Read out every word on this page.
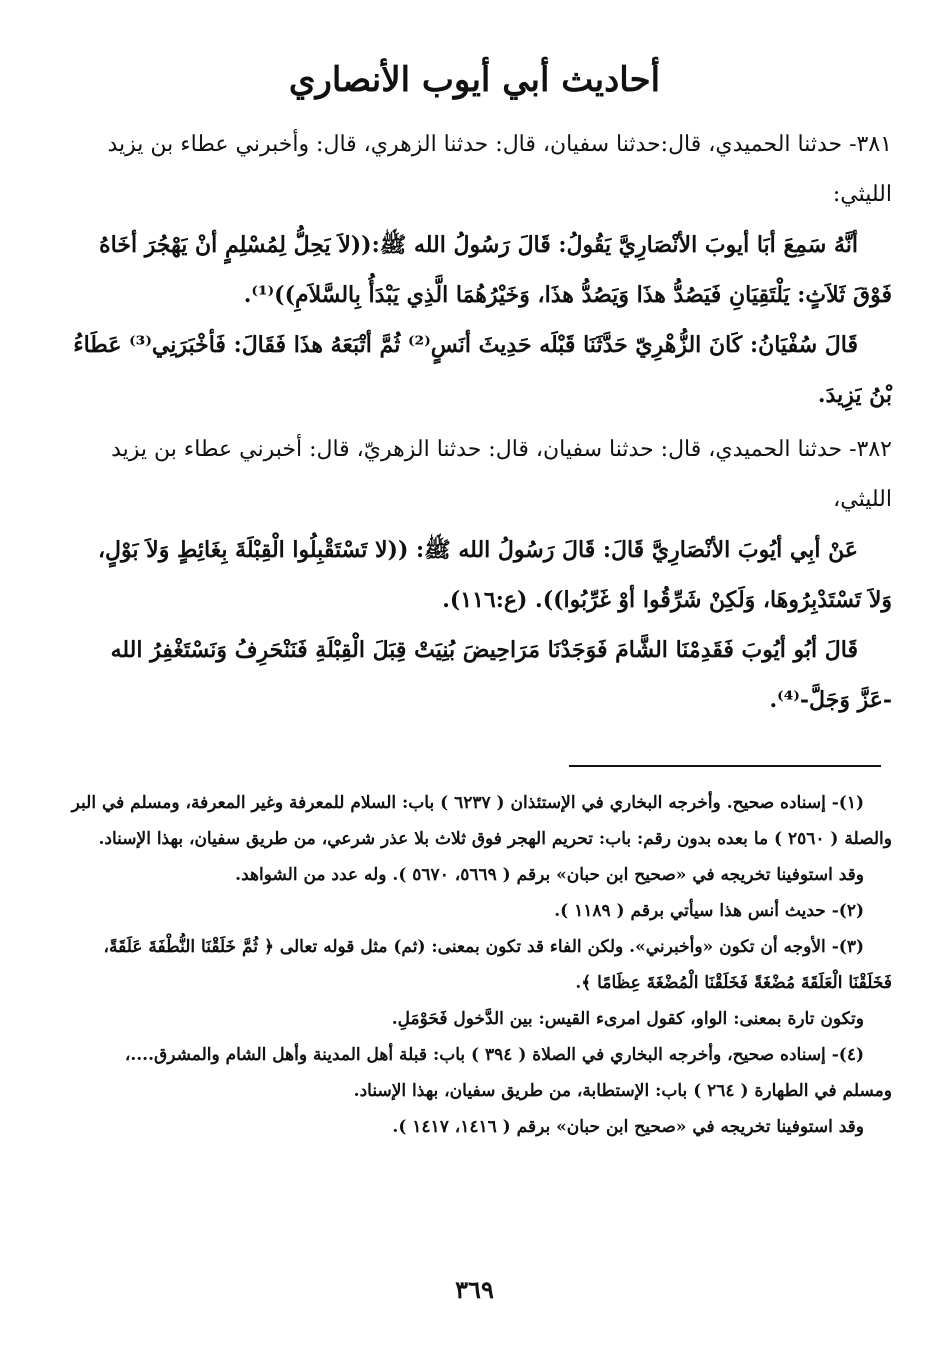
أحاديث أبي أيوب الأنصاري

٣٨١- حدثنا الحميدي، قال:حدثنا سفيان، قال: حدثنا الزهري، قال: وأخبرني عطاء بن يزيد الليثي:

أنَّهُ سَمِعَ أبَا أيوبَ الأنْصَارِيَّ يَقُولُ: قَالَ رَسُولُ الله ﷺ:((لاَ يَحِلُّ لِمُسْلِمٍ أنْ يَهْجُرَ أخَاهُ فَوْقَ ثَلاَثٍ: يَلْتَقِيَانِ فَيَصُدُّ هذَا وَيَصُدُّ هذَا، وَخَيْرُهُمَا الَّذِي يَبْدَأُ بِالسَّلاَمِ))⁽¹⁾.

قَالَ سُفْيَانُ: كَانَ الزُّهْرِيّ حَدَّثَنَا قَبْلَه حَدِيثَ أنَسٍ⁽²⁾ ثُمَّ أتْبَعَهُ هذَا فَقَالَ: فَأخْبَرَنِي⁽³⁾ عَطَاءُ بْنُ يَزِيدَ.

٣٨٢- حدثنا الحميدي، قال: حدثنا سفيان، قال: حدثنا الزهريّ، قال: أخبرني عطاء بن يزيد الليثي،

عَنْ أبِي أيُوبَ الأنْصَارِيَّ قَالَ: قَالَ رَسُولُ الله ﷺ: ((لا تَسْتَقْبِلُوا الْقِبْلَةَ بِغَائِطٍ وَلاَ بَوْلٍ، وَلاَ تَسْتَدْبِرُوهَا، وَلَكِنْ شَرِّقُوا أوْ غَرِّبُوا)). (ع:١١٦).

قَالَ أبُو أيُوبَ فَقَدِمْنَا الشَّامَ فَوَجَدْنَا مَرَاحِيضَ بُنِيَتْ قِبَلَ الْقِبْلَةِ فَنَنْحَرِفُ وَنَسْتَغْفِرُ الله -عَزَّ وَجَلَّ-⁽⁴⁾.

(١)- إسناده صحيح. وأخرجه البخاري في الإستئذان ( ٦٢٣٧ ) باب: السلام للمعرفة وغير المعرفة، ومسلم في البر والصلة ( ٢٥٦٠ ) ما بعده بدون رقم: باب: تحريم الهجر فوق ثلاث بلا عذر شرعي، من طريق سفيان، بهذا الإسناد.

وقد استوفينا تخريجه في «صحيح ابن حبان» برقم ( ٥٦٦٩، ٥٦٧٠ ). وله عدد من الشواهد.

(٢)- حديث أنس هذا سيأتي برقم ( ١١٨٩ ).

(٣)- الأوجه أن تكون «وأخبرني». ولكن الفاء قد تكون بمعنى: (ثم) مثل قوله تعالى ﴿ ثُمَّ خَلَقْنَا النُّطْفَةَ عَلَقَةً، فَخَلَقْنَا الْعَلَقَةَ مُضْغَةً فَخَلَقْنَا الْمُضْغَةَ عِظَامًا ﴾.

وتكون تارة بمعنى: الواو، كقول امرىء القيس: بين الدَّخول فَحَوْمَلِ.

(٤)- إسناده صحيح، وأخرجه البخاري في الصلاة ( ٣٩٤ ) باب: قبلة أهل المدينة وأهل الشام والمشرق....، ومسلم في الطهارة ( ٢٦٤ ) باب: الإستطابة، من طريق سفيان، بهذا الإسناد.

وقد استوفينا تخريجه في «صحيح ابن حبان» برقم ( ١٤١٦، ١٤١٧ ).

٣٦٩
